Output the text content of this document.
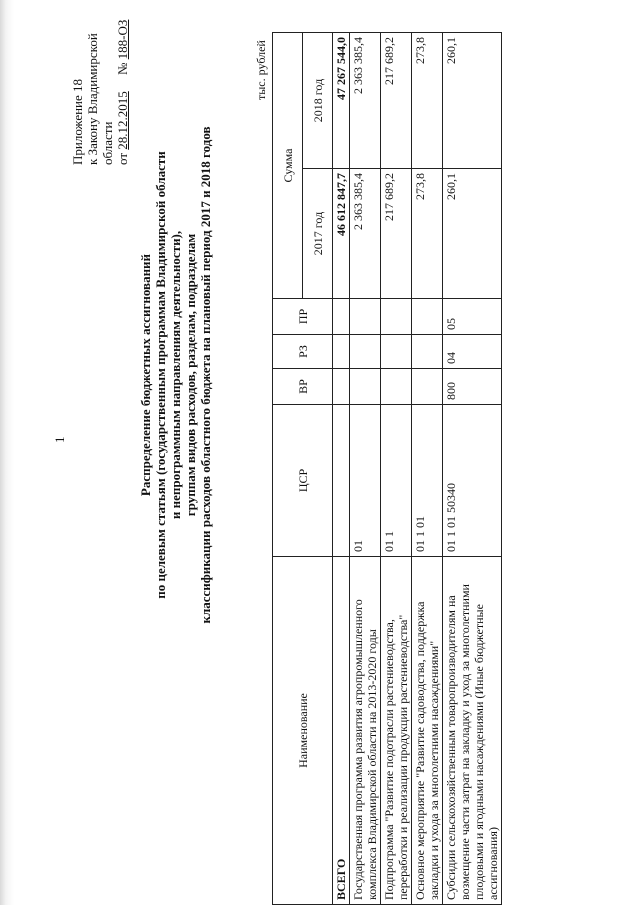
1
Приложение 18 к Закону Владимирской области от 28.12.2015     № 188-ОЗ
Распределение бюджетных ассигнований по целевым статьям (государственным программам Владимирской области и непрограммным направлениям деятельности), группам видов расходов, разделам, подразделам классификации расходов областного бюджета на плановый период 2017 и 2018 годов
тыс. рублей
Наименование	ЦСР	ВР	РЗ	ПР	Сумма	
					2017 год	2018 год
ВСЕГО					46 612 847,7	47 267 544,0
Государственная программа развития агропромышленного комплекса Владимирской области на 2013-2020 годы	01				2 363 385,4	2 363 385,4
Подпрограмма "Развитие подотрасли растениеводства, переработки и реализации продукции растениеводства"	01 1				217 689,2	217 689,2
Основное мероприятие "Развитие садоводства, поддержка закладки и ухода за многолетними насаждениями"	01 1 01				273,8	273,8
Субсидии сельскохозяйственным товаропроизводителям на возмещение части затрат на закладку и уход за многолетними плодовыми и ягодными насаждениями (Иные бюджетные ассигнования)	01 1 01 50340	800	04	05	260,1	260,1
